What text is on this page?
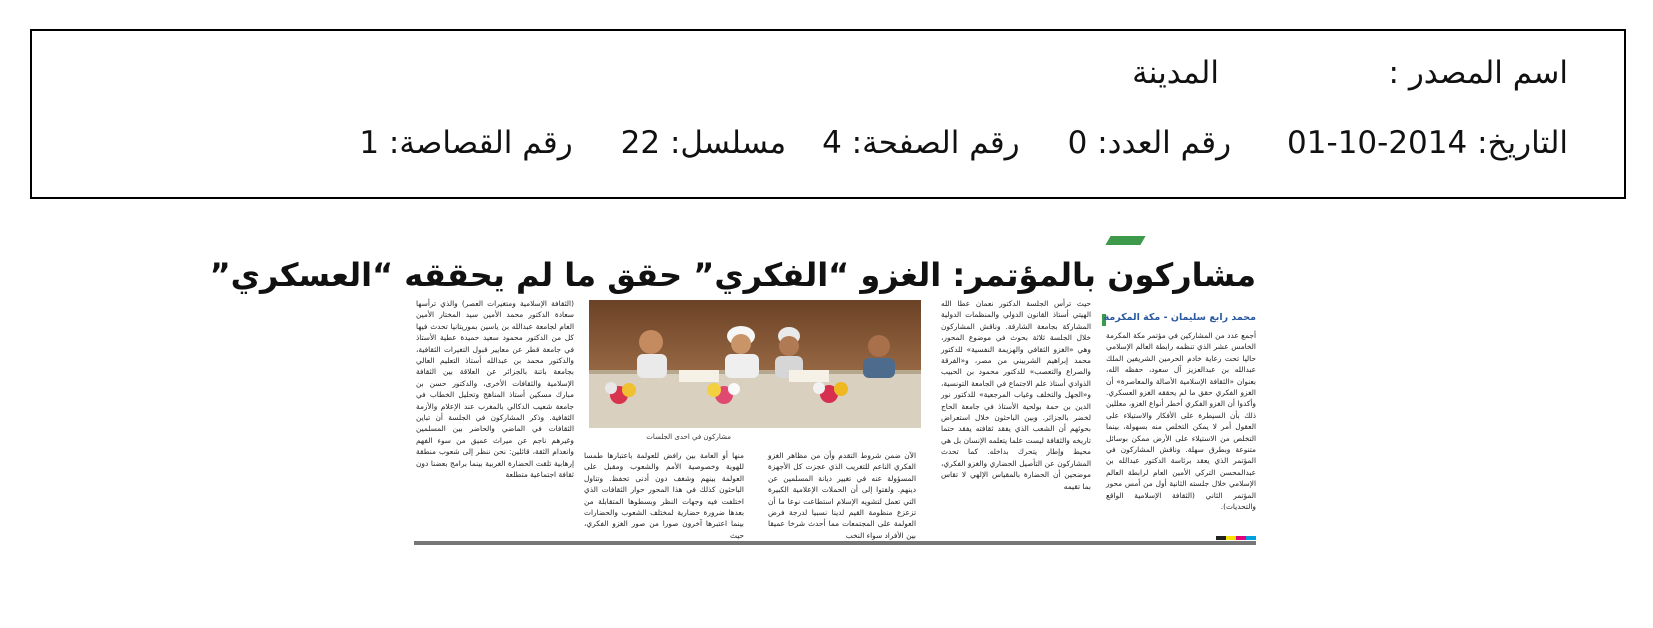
اسم المصدر :
المدينة
التاريخ: 2014-10-01
رقم العدد: 0
رقم الصفحة: 4
مسلسل: 22
رقم القصاصة: 1
مشاركون بالمؤتمر: الغزو “الفكري” حقق ما لم يحققه “العسكري”
محمد رابع سليمان - مكة المكرمة
أجمع عدد من المشاركين في مؤتمر مكة المكرمة الخامس عشر الذي تنظمه رابطة العالم الإسلامي حاليا تحت رعاية خادم الحرمين الشريفين الملك عبدالله بن عبدالعزيز آل سعود، حفظه الله، بعنوان «الثقافة الإسلامية الأصالة والمعاصرة» أن الغزو الفكري حقق ما لم يحققه الغزو العسكري. وأكدوا أن الغزو الفكري أخطر أنواع الغزو، معللين ذلك بأن السيطرة على الأفكار والاستيلاء على العقول أمر لا يمكن التخلص منه بسهولة، بينما التخلص من الاستيلاء على الأرض ممكن بوسائل متنوعة وبطرق سهلة. وناقش المشاركون في المؤتمر الذي يعقد برئاسة الدكتور عبدالله بن عبدالمحسن التركي الأمين العام لرابطة العالم الإسلامي خلال جلسته الثانية أول من أمس محور المؤتمر الثاني (الثقافة الإسلامية الواقع والتحديات).
حيث ترأس الجلسة الدكتور نعمان عطا الله الهيتي أستاذ القانون الدولي والمنظمات الدولية المشاركة بجامعة الشارقة. وناقش المشاركون خلال الجلسة ثلاثة بحوث في موضوع المحور، وهي «الغزو الثقافي والهزيمة النفسية» للدكتور محمد إبراهيم الشربيني من مصر، و«الفرقة والصراع والتعصب» للدكتور محمود بن الحبيب الذوادي أستاذ علم الاجتماع في الجامعة التونسية، و«الجهل والتخلف وغياب المرجعية» للدكتور نور الدين بن حمة بولحية الأستاذ في جامعة الحاج لخضر بالجزائر. وبين الباحثون خلال استعراض بحوثهم أن الشعب الذي يفقد ثقافته يفقد حتما تاريخه والثقافة ليست علما يتعلمه الإنسان بل هي محيط وإطار يتحرك بداخله. كما تحدث المشاركون عن التأصيل الحضاري والغزو الفكري، موضحين أن الحضارة بالمقياس الإلهي لا تقاس بما تقيمه
مشاركون في احدى الجلسات
الآن ضمن شروط التقدم وأن من مظاهر الغزو الفكري الناعم للتغريب الذي عجزت كل الأجهزة المسؤولة عنه في تغيير ديانة المسلمين عن دينهم. ولفتوا إلى أن الحملات الإعلامية الكبيرة التي تعمل لتشويه الإسلام استطاعت نوعا ما أن تزعزع منظومة القيم لدينا نسبيا لدرجة فرض العولمة على المجتمعات مما أحدث شرخا عميقا بين الأفراد سواء النخب
منها أو العامة بين رافض للعولمة باعتبارها طمسا للهوية وخصوصية الأمم والشعوب ومقبل على العولمة بينهم وشغف دون أدنى تحفظ. وتناول الباحثون كذلك في هذا المحور حوار الثقافات الذي اختلفت فيه وجهات النظر وبسطوها المتقابلة من بعدها ضرورة حضارية لمختلف الشعوب والحضارات بينما اعتبرها آخرون صورا من صور الغزو الفكري، حيث
(الثقافة الإسلامية ومتغيرات العصر) والذي ترأسها سعادة الدكتور محمد الأمين سيد المختار الأمين العام لجامعة عبدالله بن ياسين بموريتانيا تحدث فيها كل من الدكتور محمود سعيد حميدة عطية الأستاذ في جامعة قطر عن معايير قبول التغيرات الثقافية، والدكتور محمد بن عبدالله أستاذ التعليم العالي بجامعة باتنة بالجزائر عن العلاقة بين الثقافة الإسلامية والثقافات الأخرى، والدكتور حسن بن مبارك مسكين أستاذ المناهج وتحليل الخطاب في جامعة شعيب الدكالي بالمغرب عند الإعلام والأزمة الثقافية. وذكر المشاركون في الجلسة أن تباين الثقافات في الماضي والحاضر بين المسلمين وغيرهم ناجم عن ميراث عميق من سوء الفهم وانعدام الثقة، قائلين: نحن ننظر إلى شعوب منطقة إرهابية تلقت الحضارة الغربية بينما برامج بعضنا دون ثقافة اجتماعية متطلعة
